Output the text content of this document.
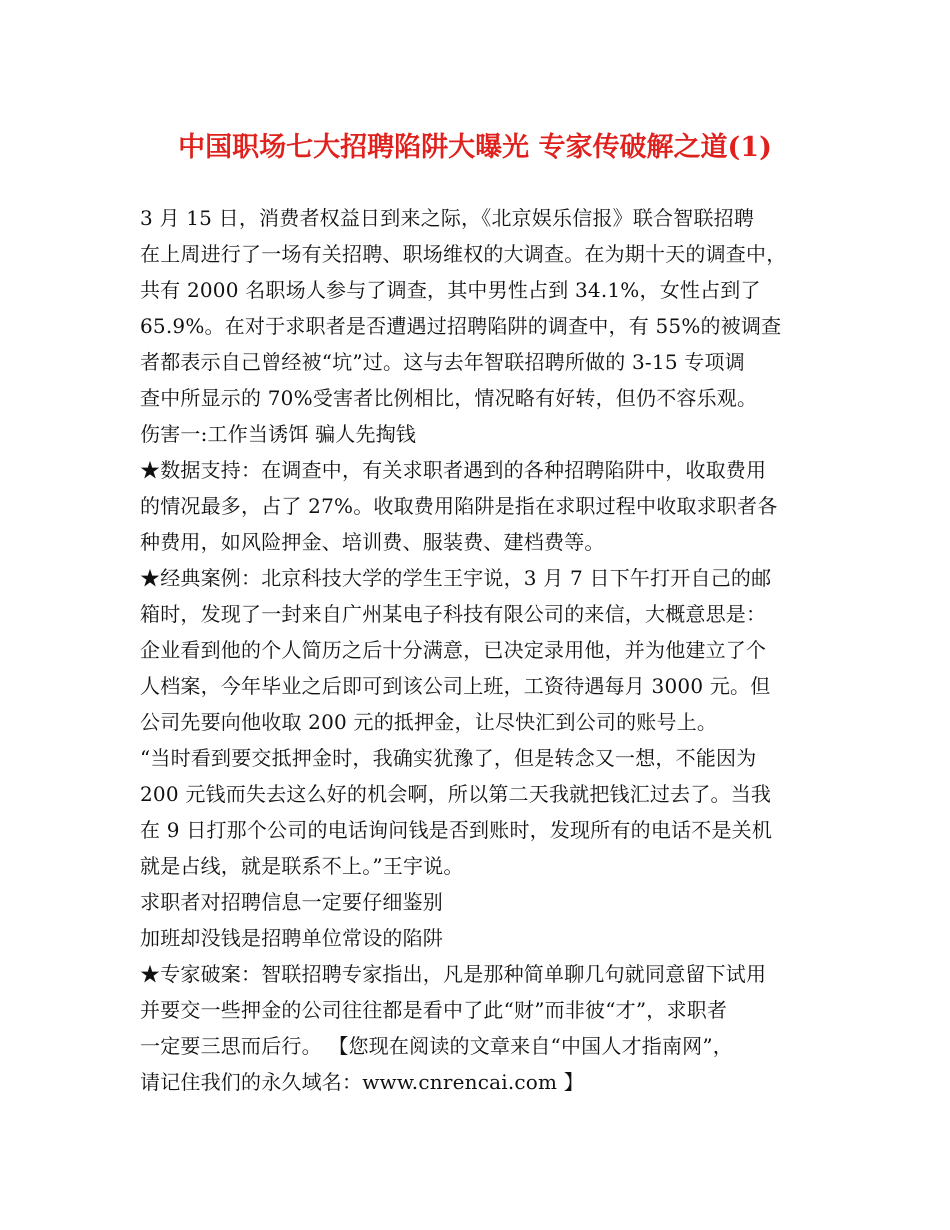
中国职场七大招聘陷阱大曝光 专家传破解之道(1)
3 月 15 日，消费者权益日到来之际，《北京娱乐信报》联合智联招聘
在上周进行了一场有关招聘、职场维权的大调查。在为期十天的调查中，
共有 2000 名职场人参与了调查，其中男性占到 34.1%，女性占到了
65.9%。在对于求职者是否遭遇过招聘陷阱的调查中，有 55%的被调查
者都表示自己曾经被“坑”过。这与去年智联招聘所做的 3-15 专项调
查中所显示的 70%受害者比例相比，情况略有好转，但仍不容乐观。
伤害一:工作当诱饵 骗人先掏钱
★数据支持：在调查中，有关求职者遇到的各种招聘陷阱中，收取费用
的情况最多，占了 27%。收取费用陷阱是指在求职过程中收取求职者各
种费用，如风险押金、培训费、服装费、建档费等。
★经典案例：北京科技大学的学生王宇说，3 月 7 日下午打开自己的邮
箱时，发现了一封来自广州某电子科技有限公司的来信，大概意思是：
企业看到他的个人简历之后十分满意，已决定录用他，并为他建立了个
人档案，今年毕业之后即可到该公司上班，工资待遇每月 3000 元。但
公司先要向他收取 200 元的抵押金，让尽快汇到公司的账号上。
“当时看到要交抵押金时，我确实犹豫了，但是转念又一想，不能因为
200 元钱而失去这么好的机会啊，所以第二天我就把钱汇过去了。当我
在 9 日打那个公司的电话询问钱是否到账时，发现所有的电话不是关机
就是占线，就是联系不上。”王宇说。
求职者对招聘信息一定要仔细鉴别
加班却没钱是招聘单位常设的陷阱
★专家破案：智联招聘专家指出，凡是那种简单聊几句就同意留下试用
并要交一些押金的公司往往都是看中了此“财”而非彼“才”，求职者
一定要三思而后行。 【您现在阅读的文章来自“中国人才指南网”，
请记住我们的永久域名：www.cnrencai.com 】
